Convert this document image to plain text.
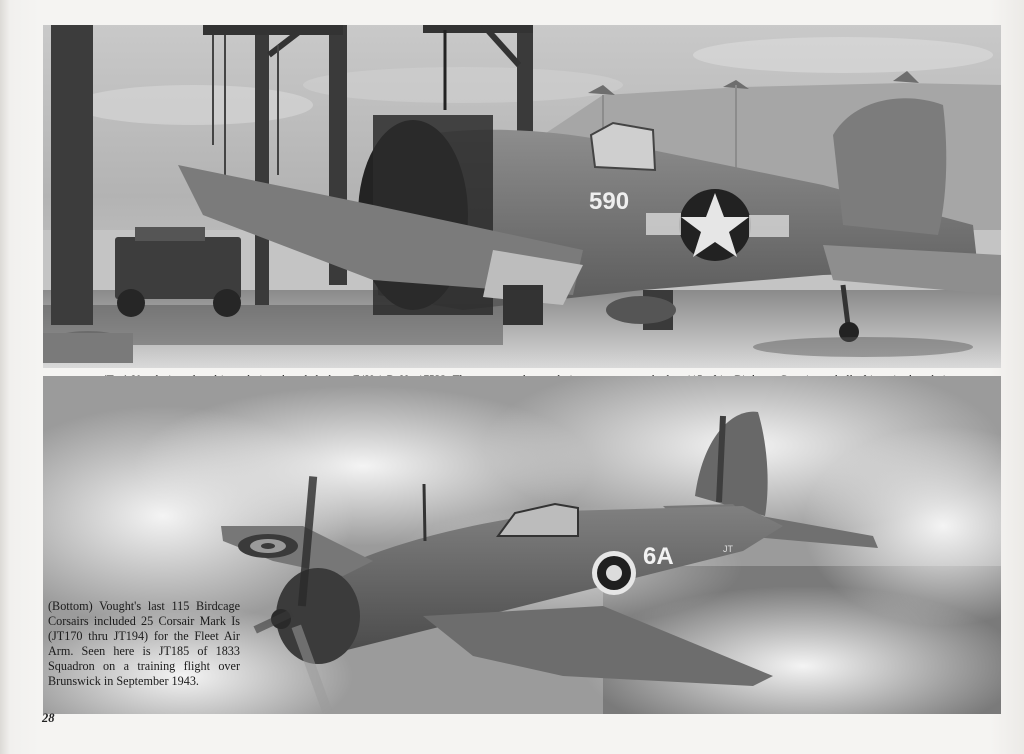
590
6A	JT
(Bottom) Vought's last 115 Birdcage Corsairs included 25 Corsair Mark Is (JT170 thru JT194) for the Fleet Air Arm. Seen here is JT185 of 1833 Squadron on a training flight over Brunswick in September 1943.
28
